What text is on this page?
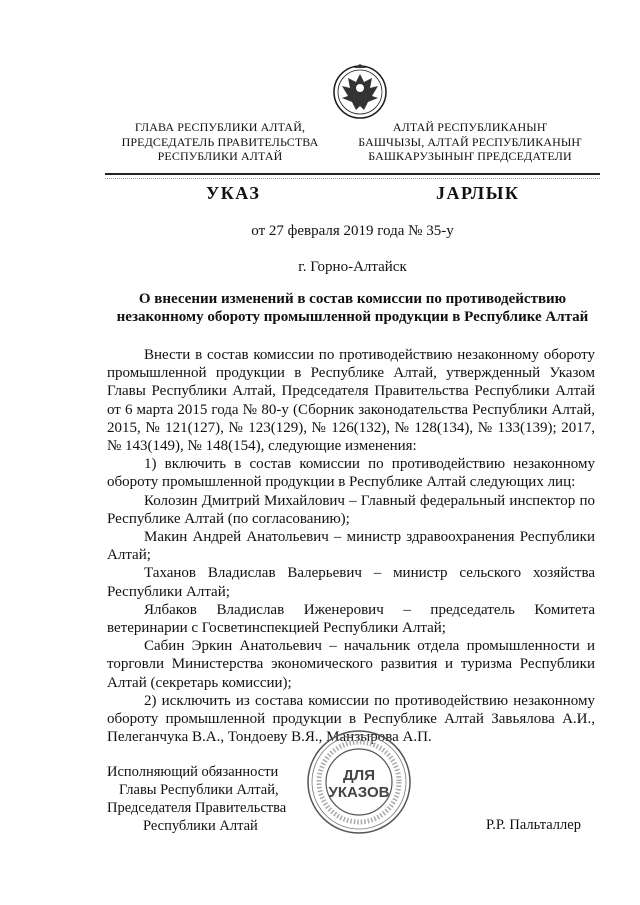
ГЛАВА РЕСПУБЛИКИ АЛТАЙ,
ПРЕДСЕДАТЕЛЬ ПРАВИТЕЛЬСТВА
РЕСПУБЛИКИ АЛТАЙ
АЛТАЙ РЕСПУБЛИКАНЫҤ
БАШЧЫЗЫ, АЛТАЙ РЕСПУБЛИКАНЫҤ
БАШКАРУЗЫНЫҤ ПРЕДСЕДАТЕЛИ
УКАЗ	JАРЛЫК
от 27 февраля 2019 года № 35-у
г. Горно-Алтайск
О внесении изменений в состав комиссии по противодействию
незаконному обороту промышленной продукции в Республике Алтай

Внести в состав комиссии по противодействию незаконному обороту промышленной продукции в Республике Алтай, утвержденный Указом Главы Республики Алтай, Председателя Правительства Республики Алтай от 6 марта 2015 года № 80-у (Сборник законодательства Республики Алтай, 2015, № 121(127), № 123(129), № 126(132), № 128(134), № 133(139); 2017, № 143(149), № 148(154), следующие изменения:

1) включить в состав комиссии по противодействию незаконному обороту промышленной продукции в Республике Алтай следующих лиц:

Колозин Дмитрий Михайлович – Главный федеральный инспектор по Республике Алтай (по согласованию);

Макин Андрей Анатольевич – министр здравоохранения Республики Алтай;

Таханов Владислав Валерьевич – министр сельского хозяйства Республики Алтай;

Ялбаков Владислав Иженерович – председатель Комитета ветеринарии с Госветинспекцией Республики Алтай;

Сабин Эркин Анатольевич – начальник отдела промышленности и торговли Министерства экономического развития и туризма Республики Алтай (секретарь комиссии);

2) исключить из состава комиссии по противодействию незаконному обороту промышленной продукции в Республике Алтай Завьялова А.И., Пелеганчука В.А., Тондоеву В.Я., Манзырова А.П.

ДЛЯ
УКАЗОВ
Исполняющий обязанности
Главы Республики Алтай,
Председателя Правительства
Республики Алтай	Р.Р. Пальталлер
